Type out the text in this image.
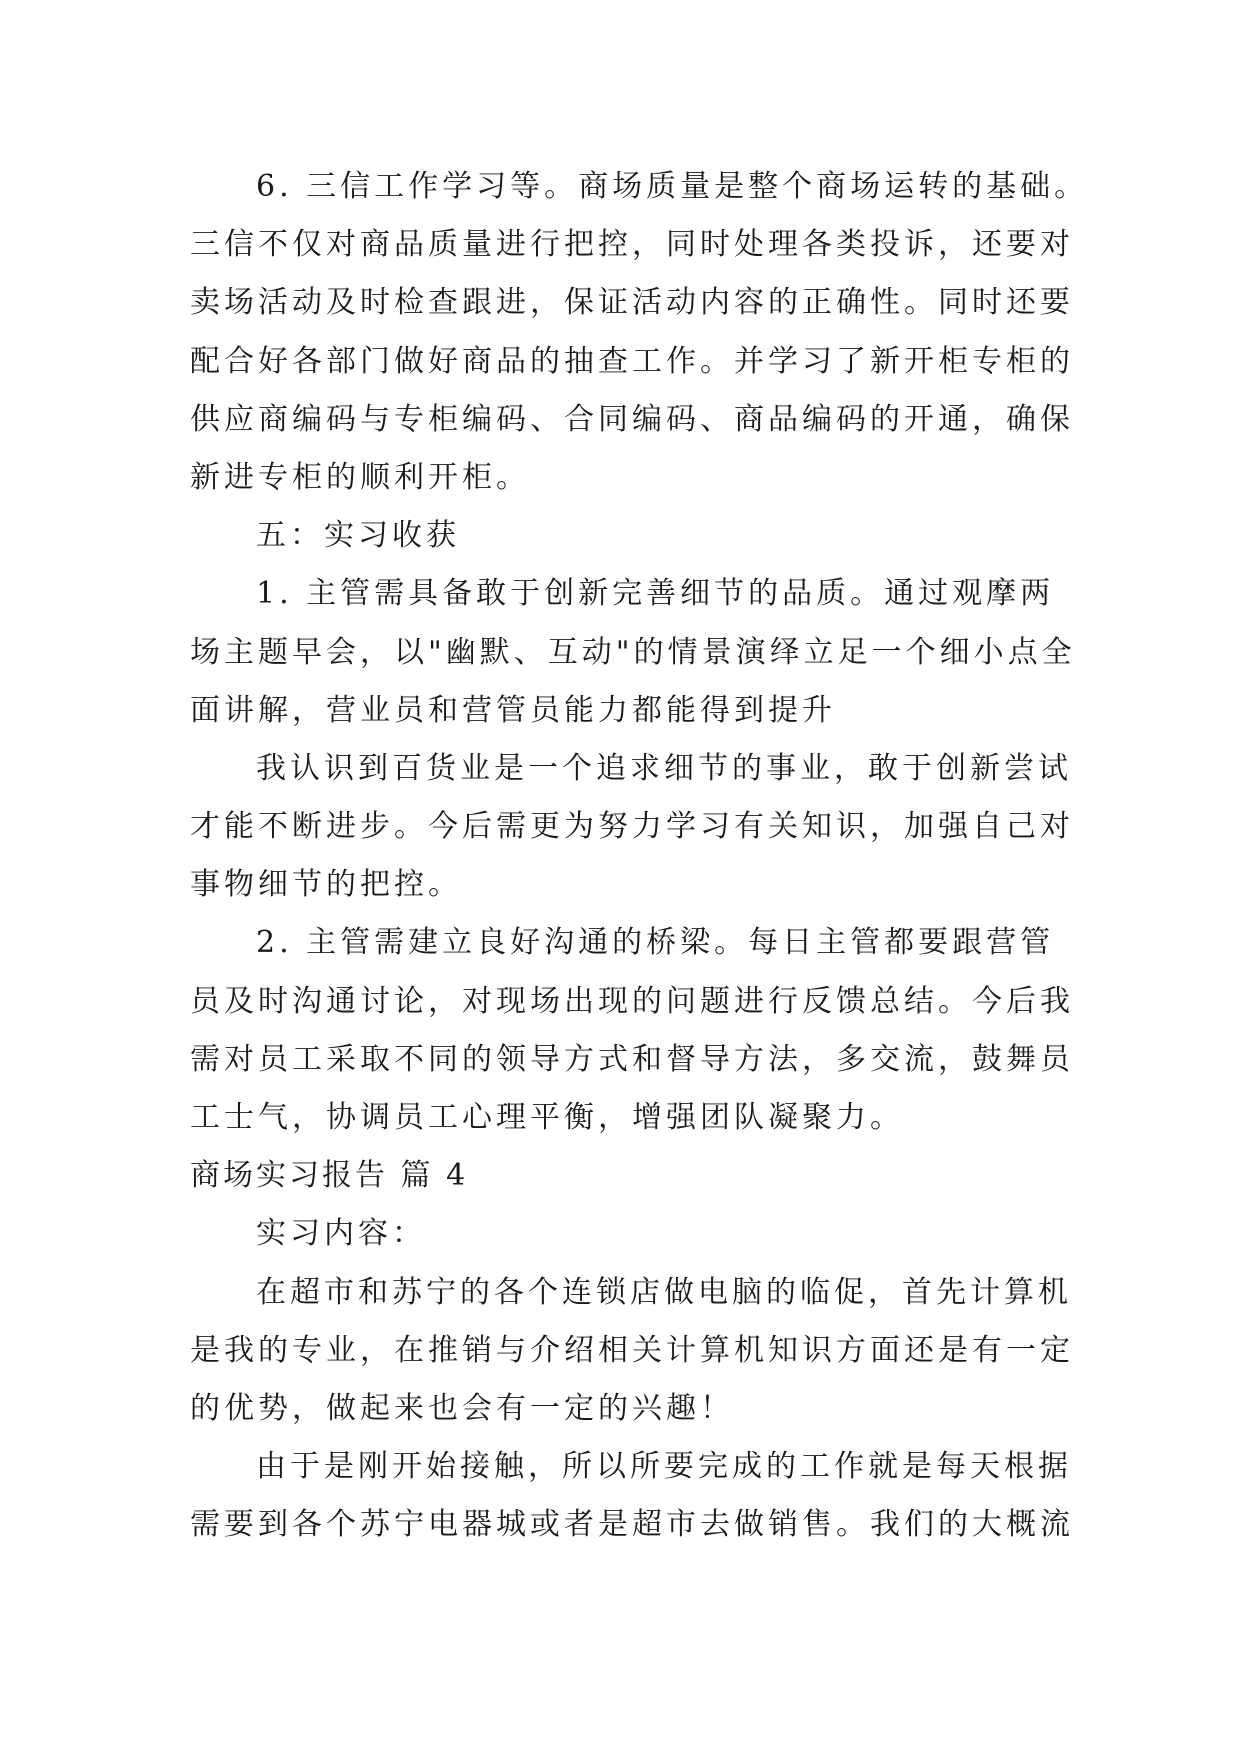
6. 三信工作学习等。商场质量是整个商场运转的基础。
三信不仅对商品质量进行把控，同时处理各类投诉，还要对
卖场活动及时检查跟进，保证活动内容的正确性。同时还要
配合好各部门做好商品的抽查工作。并学习了新开柜专柜的
供应商编码与专柜编码、合同编码、商品编码的开通，确保
新进专柜的顺利开柜。
五：实习收获
1. 主管需具备敢于创新完善细节的品质。通过观摩两
场主题早会，以"幽默、互动"的情景演绎立足一个细小点全
面讲解，营业员和营管员能力都能得到提升
我认识到百货业是一个追求细节的事业，敢于创新尝试
才能不断进步。今后需更为努力学习有关知识，加强自己对
事物细节的把控。
2. 主管需建立良好沟通的桥梁。每日主管都要跟营管
员及时沟通讨论，对现场出现的问题进行反馈总结。今后我
需对员工采取不同的领导方式和督导方法，多交流，鼓舞员
工士气，协调员工心理平衡，增强团队凝聚力。
商场实习报告 篇 4
实习内容：
在超市和苏宁的各个连锁店做电脑的临促，首先计算机
是我的专业，在推销与介绍相关计算机知识方面还是有一定
的优势，做起来也会有一定的兴趣！
由于是刚开始接触，所以所要完成的工作就是每天根据
需要到各个苏宁电器城或者是超市去做销售。我们的大概流
